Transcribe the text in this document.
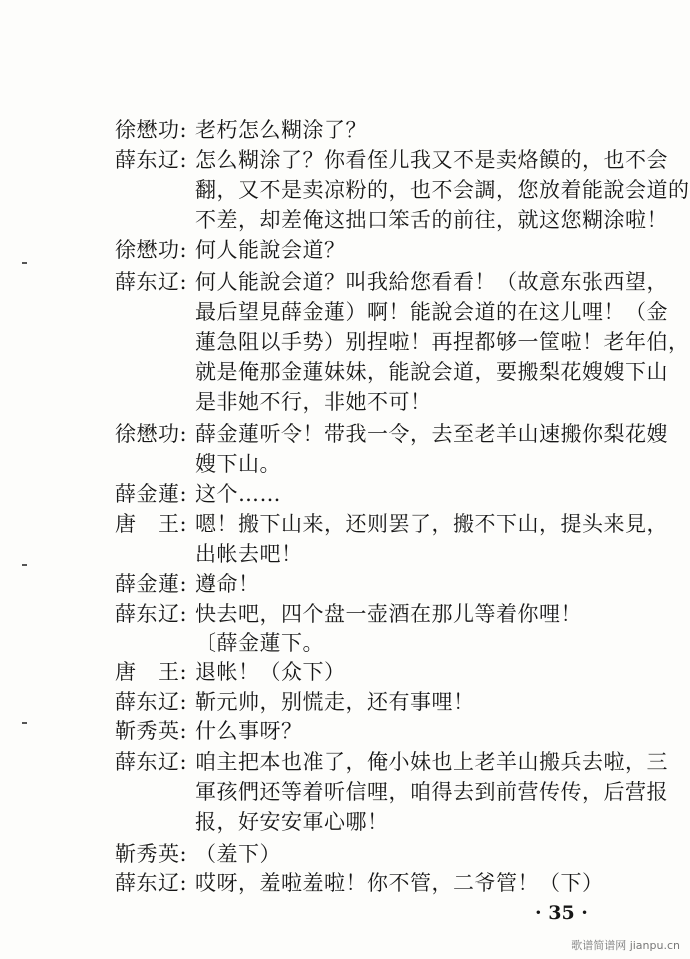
徐懋功: 老朽怎么糊涂了？
薛东辽: 怎么糊涂了？你看侄儿我又不是卖烙饃的，也不会
翻，又不是卖凉粉的，也不会調，您放着能說会道的
不差，却差俺这拙口笨舌的前往，就这您糊涂啦！
徐懋功: 何人能說会道？
薛东辽: 何人能說会道？叫我給您看看！（故意东张西望，
最后望見薛金蓮）啊！能說会道的在这儿哩！（金
蓮急阻以手势）别捏啦！再捏都够一筐啦！老年伯，
就是俺那金蓮妹妹，能說会道，要搬梨花嫂嫂下山
是非她不行，非她不可！
徐懋功: 薛金蓮听令！带我一令，去至老羊山速搬你梨花嫂
嫂下山。
薛金蓮: 这个……
唐　王: 嗯！搬下山来，还则罢了，搬不下山，提头来見，
出帐去吧！
薛金蓮: 遵命！
薛东辽: 快去吧，四个盘一壶酒在那儿等着你哩！
〔薛金蓮下。
唐　王: 退帐！（众下）
薛东辽: 靳元帅，别慌走，还有事哩！
靳秀英: 什么事呀？
薛东辽: 咱主把本也准了，俺小妹也上老羊山搬兵去啦，三
軍孩們还等着听信哩，咱得去到前营传传，后营报
报，好安安軍心哪！
靳秀英: （羞下）
薛东辽: 哎呀，羞啦羞啦！你不管，二爷管！（下）
· 35 ·
歌谱简谱网 jianpu.cn
